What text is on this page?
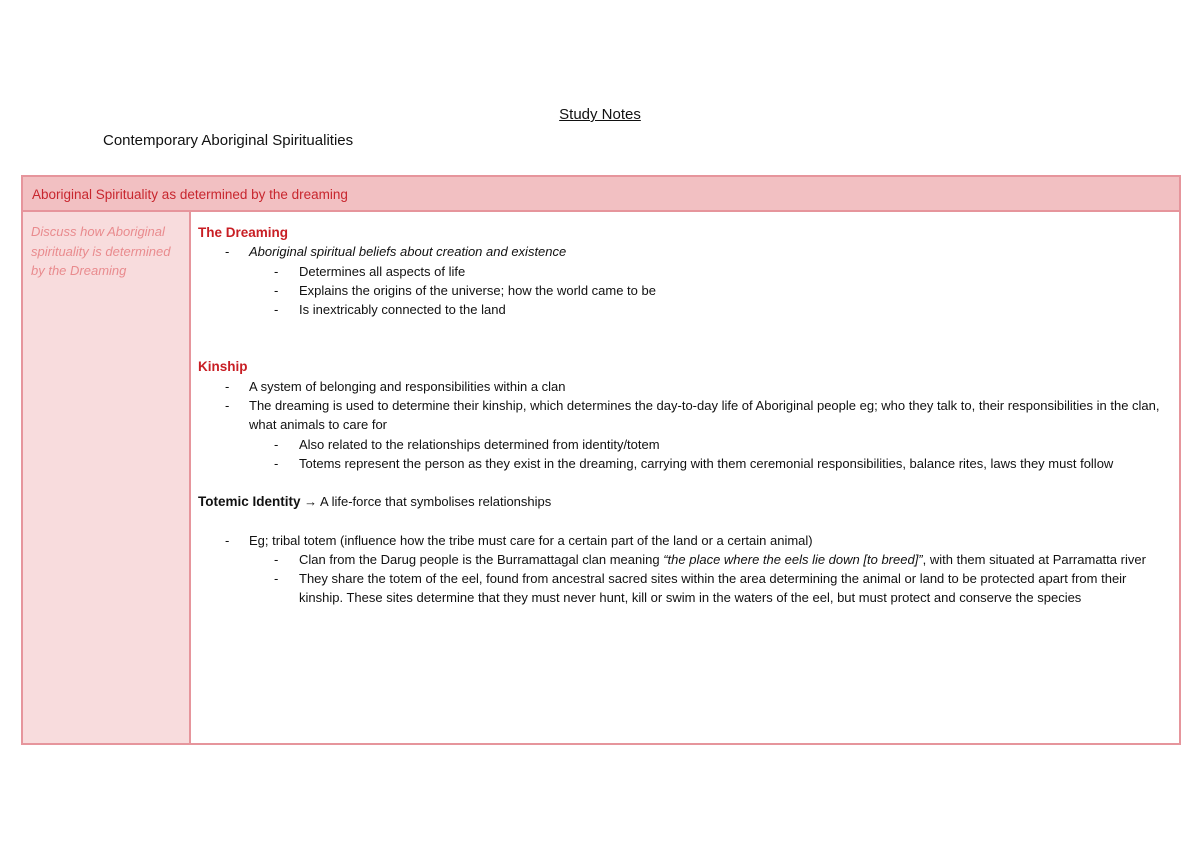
Study Notes
Contemporary Aboriginal Spiritualities
Aboriginal Spirituality as determined by the dreaming
Discuss how Aboriginal spirituality is determined by the Dreaming
The Dreaming
-	Aboriginal spiritual beliefs about creation and existence
-	Determines all aspects of life
-	Explains the origins of the universe; how the world came to be
-	Is inextricably connected to the land
Kinship
-	A system of belonging and responsibilities within a clan
-	The dreaming is used to determine their kinship, which determines the day-to-day life of Aboriginal people eg; who they talk to, their responsibilities in the clan, what animals to care for
-	Also related to the relationships determined from identity/totem
-	Totems represent the person as they exist in the dreaming, carrying with them ceremonial responsibilities, balance rites, laws they must follow
Totemic Identity → A life-force that symbolises relationships
-	Eg; tribal totem (influence how the tribe must care for a certain part of the land or a certain animal)
-	Clan from the Darug people is the Burramattagal clan meaning “the place where the eels lie down [to breed]”, with them situated at Parramatta river
-	They share the totem of the eel, found from ancestral sacred sites within the area determining the animal or land to be protected apart from their kinship. These sites determine that they must never hunt, kill or swim in the waters of the eel, but must protect and conserve the species
